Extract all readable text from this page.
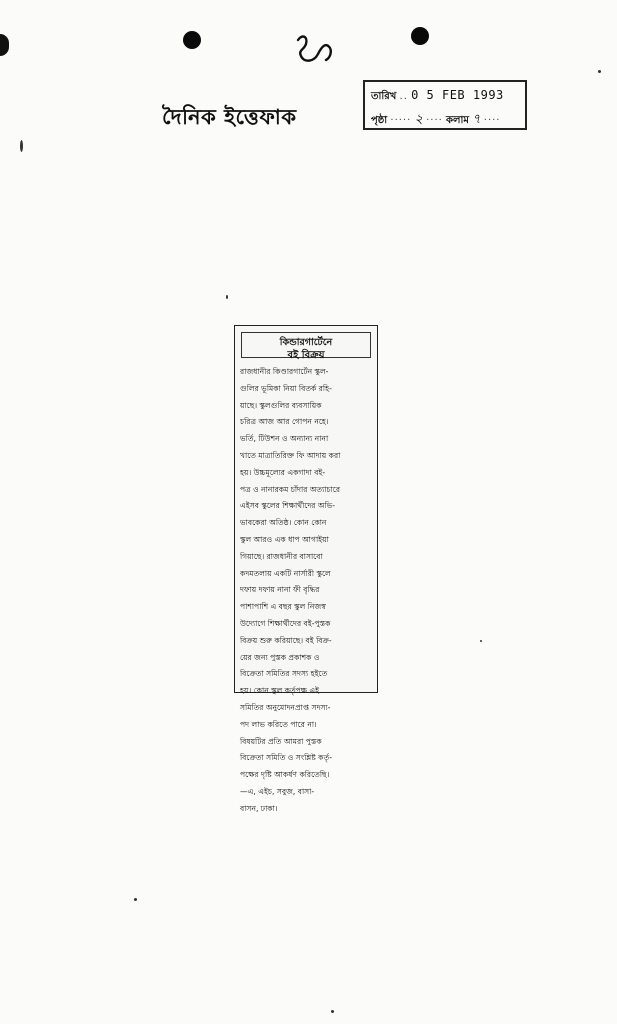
দৈনিক ইত্তেফাক
তারিখ .. 0 5 FEB 1993
পৃষ্ঠা ····· ২ ···· কলাম ৭ ····
কিন্ডারগার্টেনে
বই বিক্রয়
রাজধানীর কিণ্ডারগার্টেন স্কুল-
গুলির ভূমিকা নিয়া বিতর্ক রহি-
য়াছে। স্কুলগুলির ব্যবসায়িক
চরিত্র আজ আর গোপন নহে।
ভর্তি, টিউশন ও অন্যান্য নানা
খাতে মাত্রাতিরিক্ত ফি আদায় করা
হয়। উচ্চমূল্যের একগাদা বই-
পত্র ও নানারকম চাঁদার অত্যাচারে
এইসব স্কুলের শিক্ষার্থীদের অভি-
ভাবকেরা অতিষ্ঠ। কোন কোন
স্কুল আরও এক ধাপ আগাইয়া
গিয়াছে। রাজধানীর বাসাবো
কদমতলায় একটি নার্সারী স্কুলে
দফায় দফায় নানা ফী বৃদ্ধির
পাশাপাশি এ বছর স্কুল নিজস্ব
উদ্যোগে শিক্ষার্থীদের বই-পুস্তক
বিক্রয় শুরু করিয়াছে। বই বিক্র-
য়ের জন্য পুস্তক প্রকাশক ও
বিক্রেতা সমিতির সদস্য হইতে
হয়। কোন স্কুল কর্তৃপক্ষ এই
সমিতির অনুমোদনপ্রাপ্ত সদস্য-
পদ লাভ করিতে পারে না।
বিষয়টির প্রতি আমরা পুস্তক
বিক্রেতা সমিতি ও সংশ্লিষ্ট কর্তৃ-
পক্ষের দৃষ্টি আকর্ষণ করিতেছি।
—এ, এইচ, সবুজ, বাসা-
বাসন, ঢাকা।
